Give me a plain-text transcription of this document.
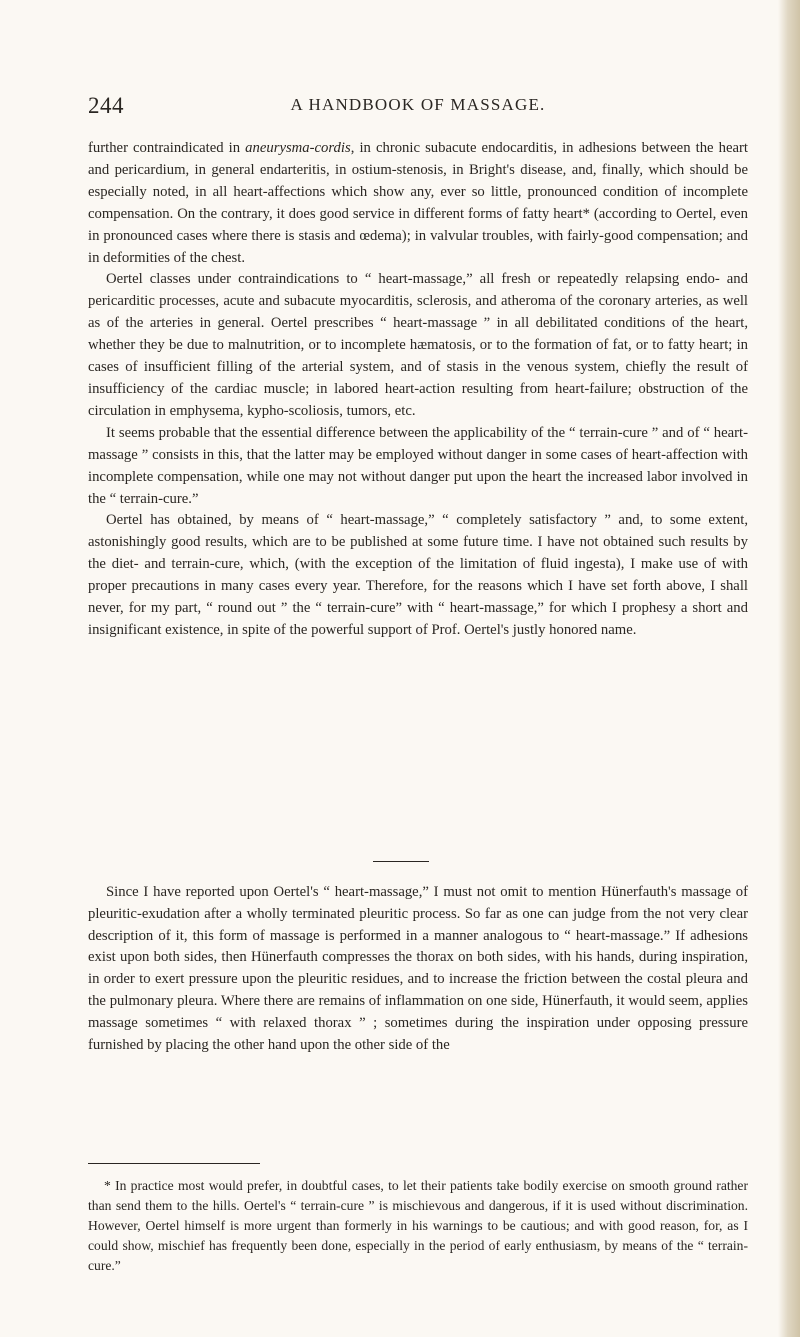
244	A HANDBOOK OF MASSAGE.

further contraindicated in aneurysma-cordis, in chronic subacute endocarditis, in adhesions between the heart and pericardium, in general endarteritis, in ostium-stenosis, in Bright's disease, and, finally, which should be especially noted, in all heart-affections which show any, ever so little, pronounced condition of incomplete compensation. On the contrary, it does good service in different forms of fatty heart* (according to Oertel, even in pronounced cases where there is stasis and œdema); in valvular troubles, with fairly-good compensation; and in deformities of the chest.

Oertel classes under contraindications to “ heart-massage,” all fresh or repeatedly relapsing endo- and pericarditic processes, acute and subacute myocarditis, sclerosis, and atheroma of the coronary arteries, as well as of the arteries in general. Oertel prescribes “ heart-massage ” in all debilitated conditions of the heart, whether they be due to malnutrition, or to incomplete hæmatosis, or to the formation of fat, or to fatty heart; in cases of insufficient filling of the arterial system, and of stasis in the venous system, chiefly the result of insufficiency of the cardiac muscle; in labored heart-action resulting from heart-failure; obstruction of the circulation in emphysema, kypho-scoliosis, tumors, etc.

It seems probable that the essential difference between the applicability of the “ terrain-cure ” and of “ heart-massage ” consists in this, that the latter may be employed without danger in some cases of heart-affection with incomplete compensation, while one may not without danger put upon the heart the increased labor involved in the “ terrain-cure.”

Oertel has obtained, by means of “ heart-massage,” “ completely satisfactory ” and, to some extent, astonishingly good results, which are to be published at some future time. I have not obtained such results by the diet- and terrain-cure, which, (with the exception of the limitation of fluid ingesta), I make use of with proper precautions in many cases every year. Therefore, for the reasons which I have set forth above, I shall never, for my part, “ round out ” the “ terrain-cure” with “ heart-massage,” for which I prophesy a short and insignificant existence, in spite of the powerful support of Prof. Oertel's justly honored name.

Since I have reported upon Oertel's “ heart-massage,” I must not omit to mention Hünerfauth's massage of pleuritic-exudation after a wholly terminated pleuritic process. So far as one can judge from the not very clear description of it, this form of massage is performed in a manner analogous to “ heart-massage.” If adhesions exist upon both sides, then Hünerfauth compresses the thorax on both sides, with his hands, during inspiration, in order to exert pressure upon the pleuritic residues, and to increase the friction between the costal pleura and the pulmonary pleura. Where there are remains of inflammation on one side, Hünerfauth, it would seem, applies massage sometimes “ with relaxed thorax ” ; sometimes during the inspiration under opposing pressure furnished by placing the other hand upon the other side of the

* In practice most would prefer, in doubtful cases, to let their patients take bodily exercise on smooth ground rather than send them to the hills. Oertel's “ terrain-cure ” is mischievous and dangerous, if it is used without discrimination. However, Oertel himself is more urgent than formerly in his warnings to be cautious; and with good reason, for, as I could show, mischief has frequently been done, especially in the period of early enthusiasm, by means of the “ terrain-cure.”
